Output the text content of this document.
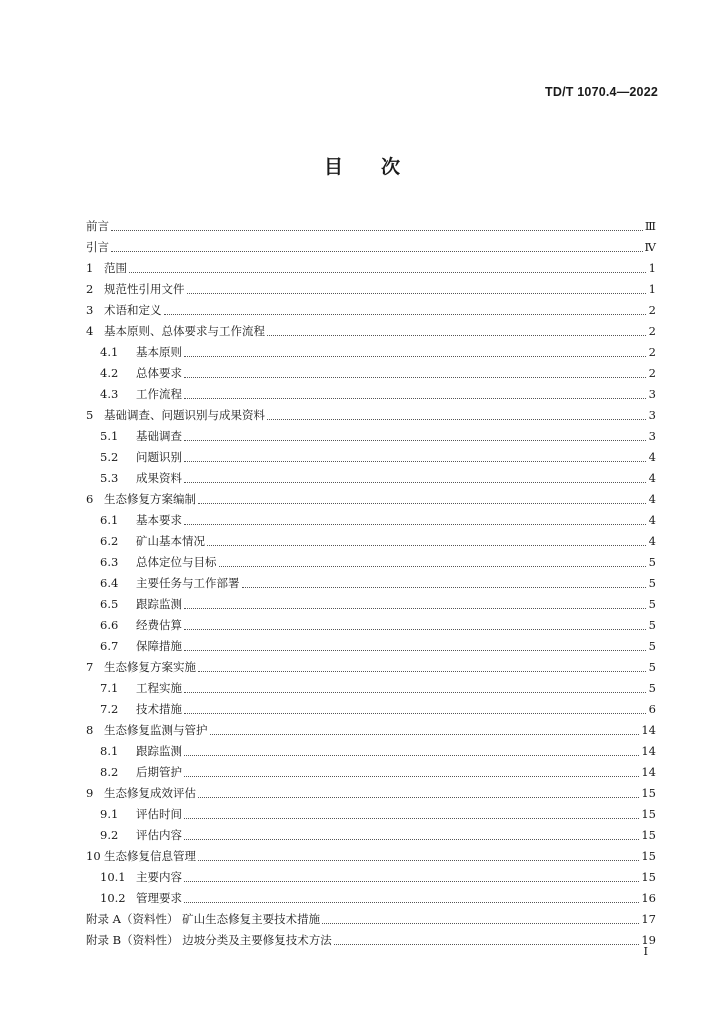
TD/T 1070.4—2022
目次
前言	Ⅲ
引言	Ⅳ
1 范围	1
2 规范性引用文件	1
3 术语和定义	2
4 基本原则、总体要求与工作流程	2
4.1	基本原则	2
4.2	总体要求	2
4.3	工作流程	3
5 基础调查、问题识别与成果资料	3
5.1	基础调查	3
5.2	问题识别	4
5.3	成果资料	4
6 生态修复方案编制	4
6.1	基本要求	4
6.2	矿山基本情况	4
6.3	总体定位与目标	5
6.4	主要任务与工作部署	5
6.5	跟踪监测	5
6.6	经费估算	5
6.7	保障措施	5
7 生态修复方案实施	5
7.1	工程实施	5
7.2	技术措施	6
8 生态修复监测与管护	14
8.1	跟踪监测	14
8.2	后期管护	14
9 生态修复成效评估	15
9.1	评估时间	15
9.2	评估内容	15
10 生态修复信息管理	15
10.1 主要内容	15
10.2 管理要求	16
附录 A（资料性） 矿山生态修复主要技术措施	17
附录 B（资料性） 边坡分类及主要修复技术方法	19
I
